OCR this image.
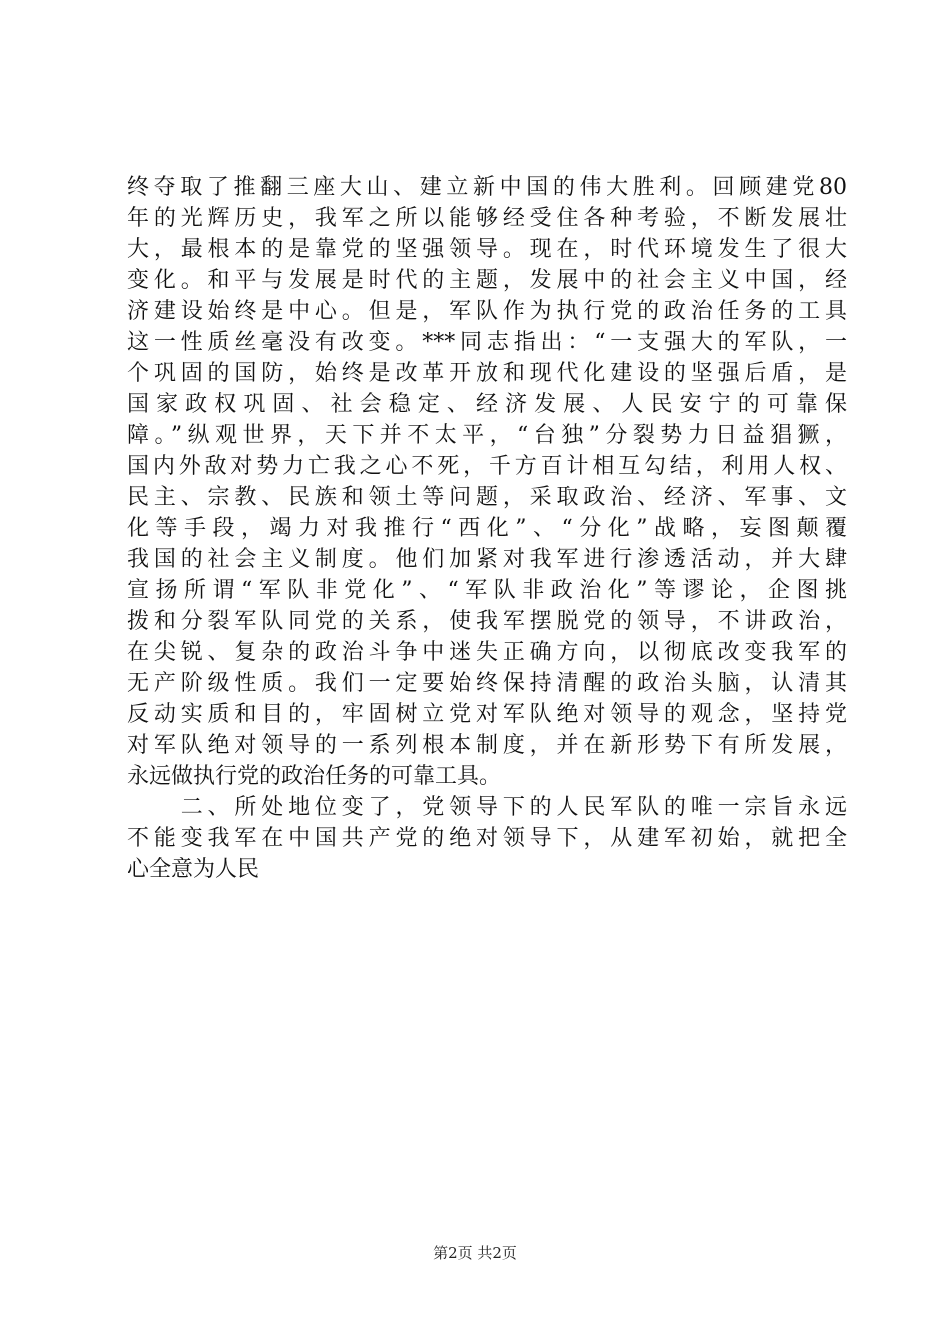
终夺取了推翻三座大山、建立新中国的伟大胜利。回顾建党80
年的光辉历史，我军之所以能够经受住各种考验，不断发展壮
大，最根本的是靠党的坚强领导。现在，时代环境发生了很大
变化。和平与发展是时代的主题，发展中的社会主义中国，经
济建设始终是中心。但是，军队作为执行党的政治任务的工具
这一性质丝毫没有改变。***同志指出：“一支强大的军队，一
个巩固的国防，始终是改革开放和现代化建设的坚强后盾，是
国家政权巩固、社会稳定、经济发展、人民安宁的可靠保
障。”纵观世界，天下并不太平，“台独”分裂势力日益猖獗，
国内外敌对势力亡我之心不死，千方百计相互勾结，利用人权、
民主、宗教、民族和领土等问题，采取政治、经济、军事、文
化等手段，竭力对我推行“西化”、“分化”战略，妄图颠覆
我国的社会主义制度。他们加紧对我军进行渗透活动，并大肆
宣扬所谓“军队非党化”、“军队非政治化”等谬论，企图挑
拨和分裂军队同党的关系，使我军摆脱党的领导，不讲政治，
在尖锐、复杂的政治斗争中迷失正确方向，以彻底改变我军的
无产阶级性质。我们一定要始终保持清醒的政治头脑，认清其
反动实质和目的，牢固树立党对军队绝对领导的观念，坚持党
对军队绝对领导的一系列根本制度，并在新形势下有所发展，
永远做执行党的政治任务的可靠工具。
　　二、所处地位变了，党领导下的人民军队的唯一宗旨永远
不能变我军在中国共产党的绝对领导下，从建军初始，就把全
心全意为人民
第2页 共2页
